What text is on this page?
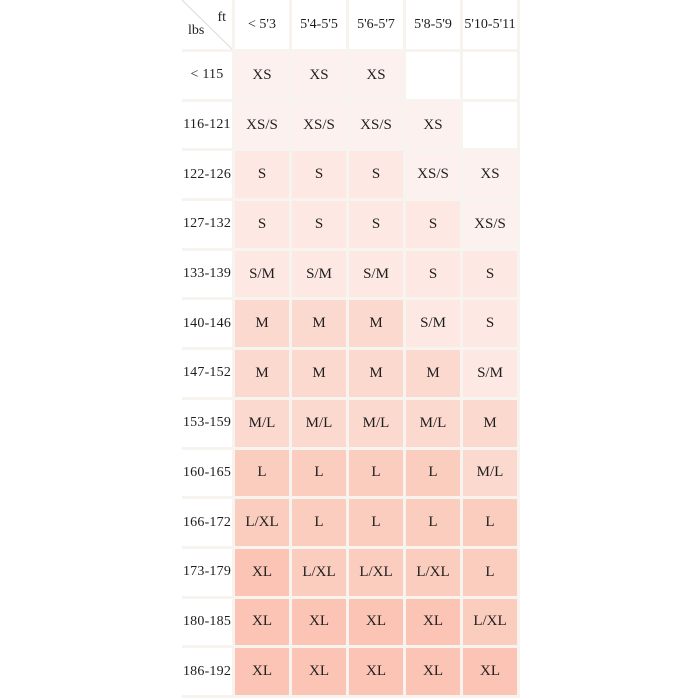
ft
lbs	< 5'3	5'4-5'5	5'6-5'7	5'8-5'9	5'10-5'11
< 115	XS	XS	XS		
116-121	XS/S	XS/S	XS/S	XS	
122-126	S	S	S	XS/S	XS
127-132	S	S	S	S	XS/S
133-139	S/M	S/M	S/M	S	S
140-146	M	M	M	S/M	S
147-152	M	M	M	M	S/M
153-159	M/L	M/L	M/L	M/L	M
160-165	L	L	L	L	M/L
166-172	L/XL	L	L	L	L
173-179	XL	L/XL	L/XL	L/XL	L
180-185	XL	XL	XL	XL	L/XL
186-192	XL	XL	XL	XL	XL
